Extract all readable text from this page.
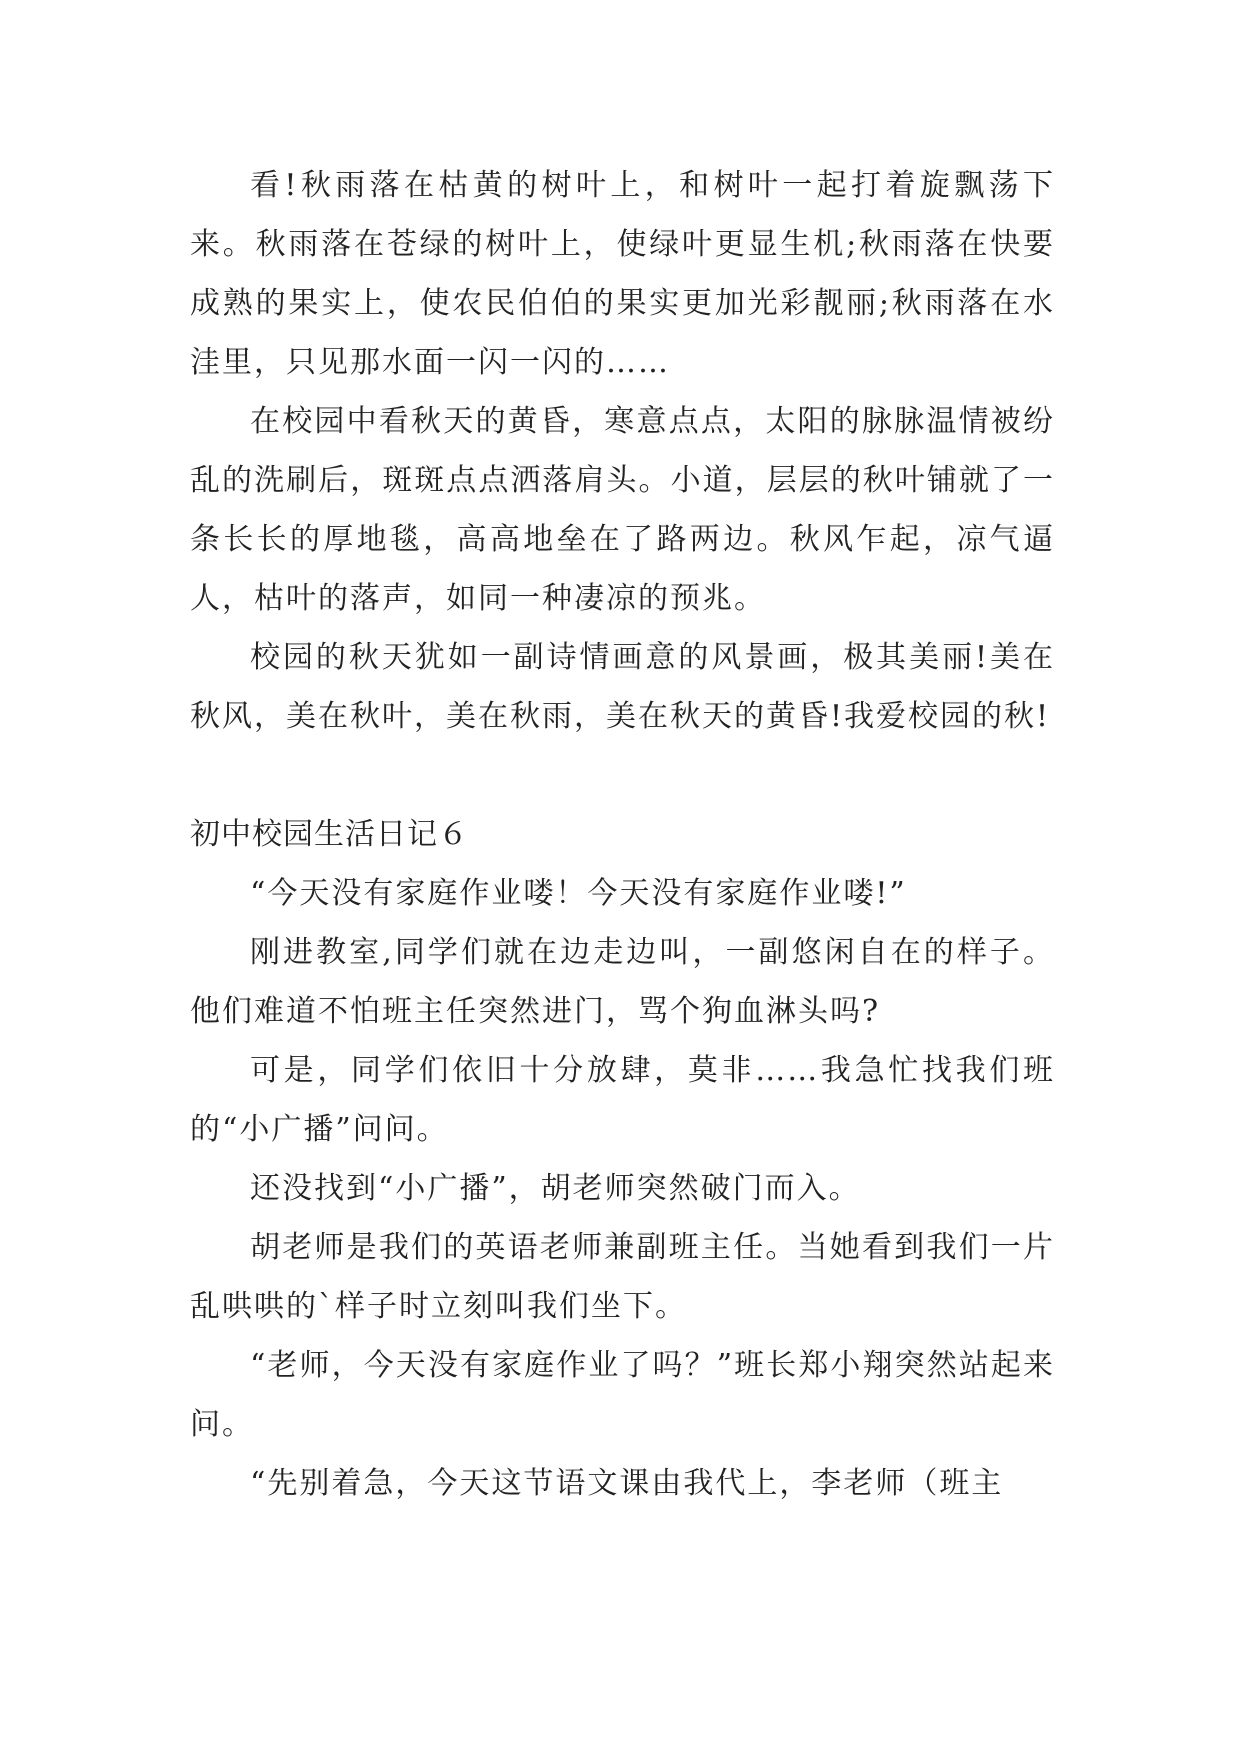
看!秋雨落在枯黄的树叶上，和树叶一起打着旋飘荡下来。秋雨落在苍绿的树叶上，使绿叶更显生机;秋雨落在快要成熟的果实上，使农民伯伯的果实更加光彩靓丽;秋雨落在水洼里，只见那水面一闪一闪的……

在校园中看秋天的黄昏，寒意点点，太阳的脉脉温情被纷乱的洗刷后，斑斑点点洒落肩头。小道，层层的秋叶铺就了一条长长的厚地毯，高高地垒在了路两边。秋风乍起，凉气逼人，枯叶的落声，如同一种凄凉的预兆。

校园的秋天犹如一副诗情画意的风景画，极其美丽!美在秋风，美在秋叶，美在秋雨，美在秋天的黄昏!我爱校园的秋!

初中校园生活日记６

“今天没有家庭作业喽！今天没有家庭作业喽!”

刚进教室,同学们就在边走边叫，一副悠闲自在的样子。他们难道不怕班主任突然进门，骂个狗血淋头吗?

可是，同学们依旧十分放肆，莫非……我急忙找我们班的“小广播”问问。

还没找到“小广播”，胡老师突然破门而入。

胡老师是我们的英语老师兼副班主任。当她看到我们一片乱哄哄的`样子时立刻叫我们坐下。

“老师，今天没有家庭作业了吗？”班长郑小翔突然站起来问。

“先别着急，今天这节语文课由我代上，李老师（班主
